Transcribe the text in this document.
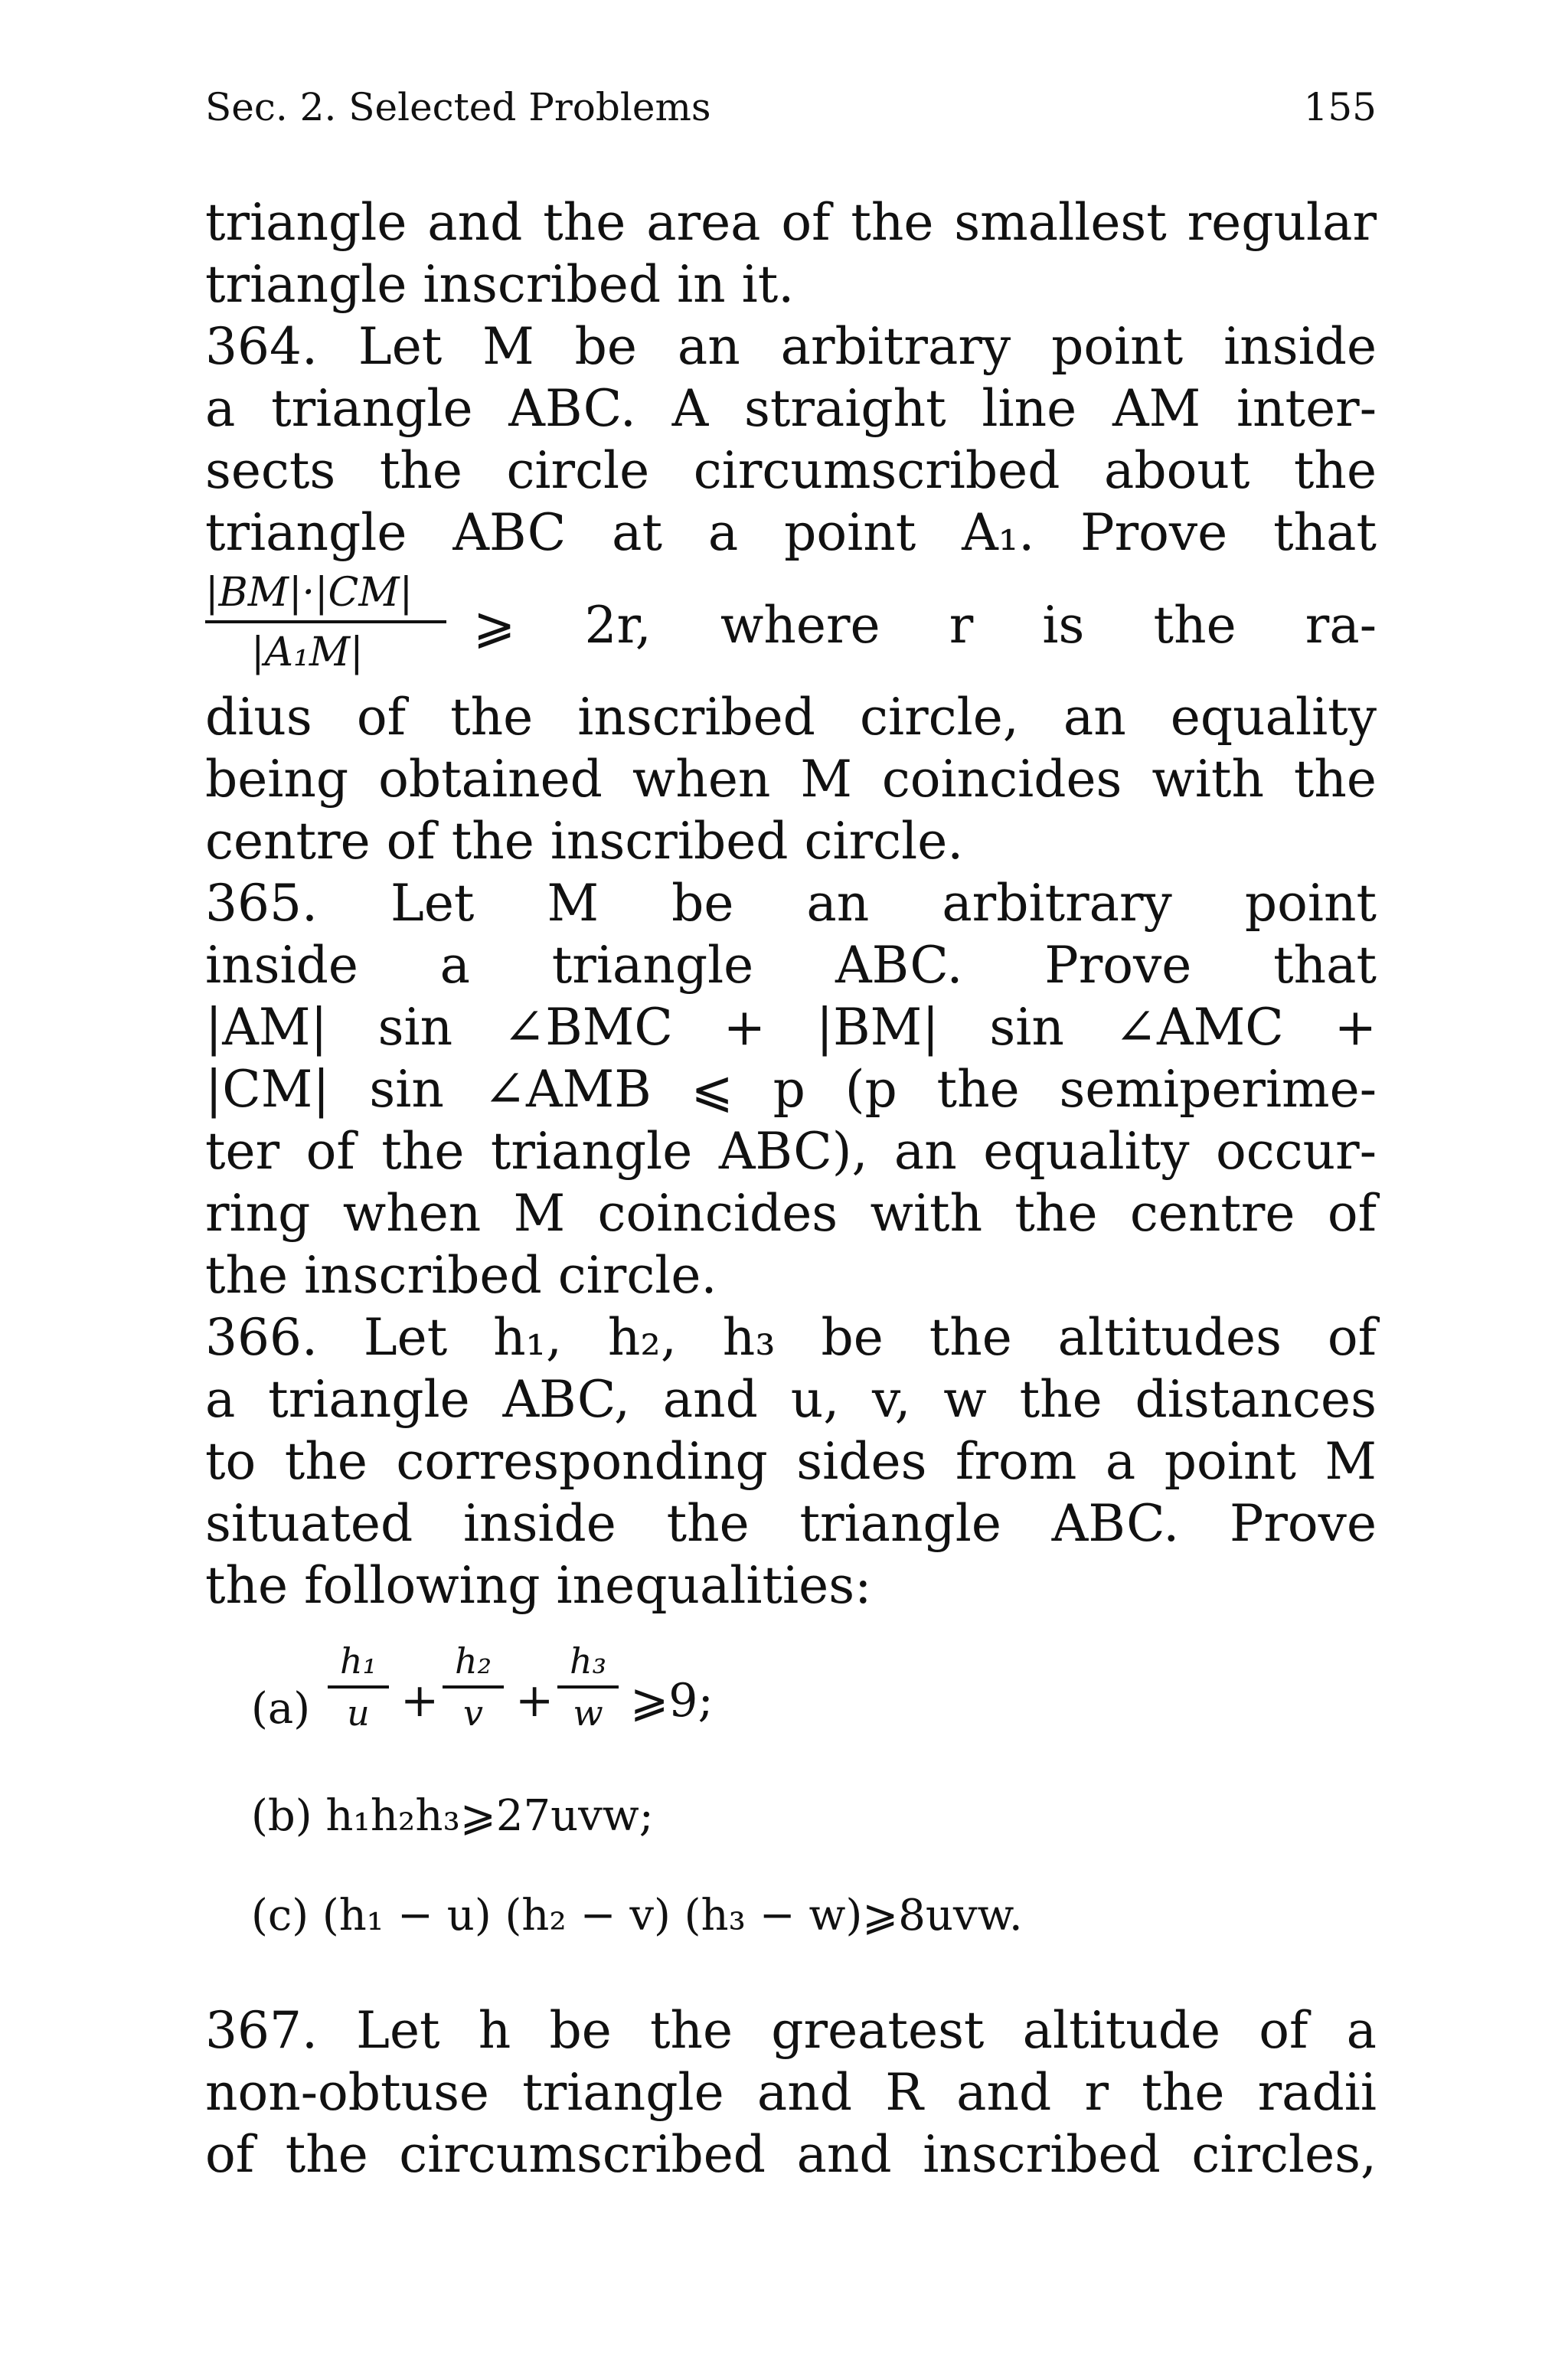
Sec. 2. Selected Problems	155
triangle and the area of the smallest regular
triangle inscribed in it.
364. Let M be an arbitrary point inside
a triangle ABC. A straight line AM inter-
sects the circle circumscribed about the
triangle ABC at a point A₁. Prove that
|BM|·|CM|
|A₁M| ⩾ 2r, where r is the ra-
dius of the inscribed circle, an equality
being obtained when M coincides with the
centre of the inscribed circle.
365. Let M be an arbitrary point
inside a triangle ABC. Prove that
|AM| sin ∠BMC + |BM| sin ∠AMC +
|CM| sin ∠AMB ⩽ p (p the semiperime-
ter of the triangle ABC), an equality occur-
ring when M coincides with the centre of
the inscribed circle.
366. Let h₁, h₂, h₃ be the altitudes of
a triangle ABC, and u, v, w the distances
to the corresponding sides from a point M
situated inside the triangle ABC. Prove
the following inequalities:
(a)
h₁
u +
h₂
v +
h₃
w ⩾9;
(b) h₁h₂h₃⩾27uvw;
(c) (h₁ − u) (h₂ − v) (h₃ − w)⩾8uvw.
367. Let h be the greatest altitude of a
non-obtuse triangle and R and r the radii
of the circumscribed and inscribed circles,
